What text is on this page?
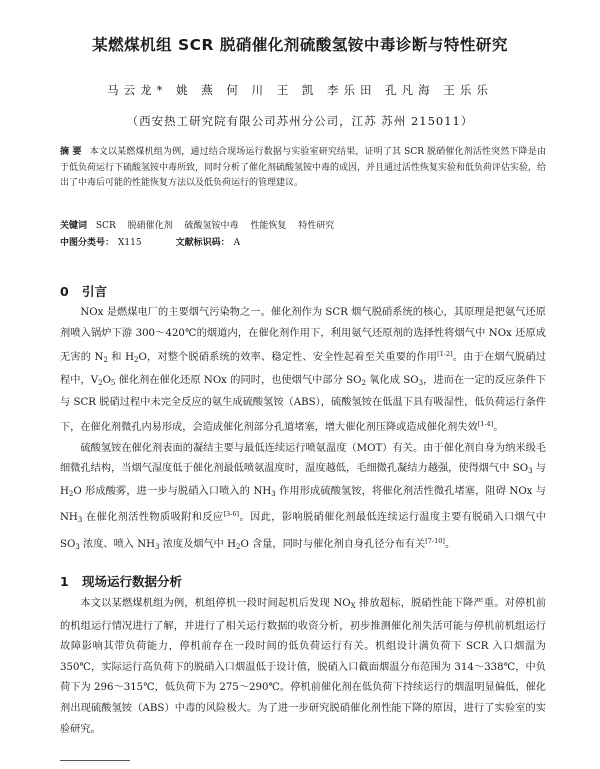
某燃煤机组 SCR 脱硝催化剂硫酸氢铵中毒诊断与特性研究
马云龙* 姚 燕 何 川 王 凯 李乐田 孔凡海 王乐乐
（西安热工研究院有限公司苏州分公司，江苏 苏州 215011）
摘 要 本文以某燃煤机组为例，通过结合现场运行数据与实验室研究结果，证明了其 SCR 脱硝催化剂活性突然下降是由于低负荷运行下硫酸氢铵中毒所致，同时分析了催化剂硫酸氢铵中毒的成因，并且通过活性恢复实验和低负荷评估实验，给出了中毒后可能的性能恢复方法以及低负荷运行的管理建议。
关键词 SCR 脱硝催化剂 硫酸氢铵中毒 性能恢复 特性研究
中图分类号： X115	文献标识码： A
0 引言

NOx 是燃煤电厂的主要烟气污染物之一。催化剂作为 SCR 烟气脱硝系统的核心，其原理是把氨气还原剂喷入锅炉下游 300～420℃的烟道内，在催化剂作用下，利用氨气还原剂的选择性将烟气中 NOx 还原成无害的 $N_2$ 和 $H_2O$，对整个脱硝系统的效率、稳定性、安全性起着至关重要的作用[1-2]。由于在烟气脱硝过程中，$V_2O_5$ 催化剂在催化还原 NOx 的同时，也使烟气中部分 $SO_2$ 氧化成 $SO_3$，进而在一定的反应条件下与 SCR 脱硝过程中未完全反应的氨生成硫酸氢铵（ABS），硫酸氢铵在低温下具有吸湿性，低负荷运行条件下，在催化剂微孔内易形成，会造成催化剂部分孔道堵塞，增大催化剂压降或造成催化剂失效[1-4]。

硫酸氢铵在催化剂表面的凝结主要与最低连续运行喷氨温度（MOT）有关。由于催化剂自身为纳米级毛细微孔结构，当烟气湿度低于催化剂最低喷氨温度时，温度越低，毛细微孔凝结力越强，使得烟气中 $SO_3$ 与 $H_2O$ 形成酸雾，进一步与脱硝入口喷入的 $NH_3$ 作用形成硫酸氢铵，将催化剂活性微孔堵塞，阻碍 NOx 与 $NH_3$ 在催化剂活性物质吸附和反应[3-6]。因此，影响脱硝催化剂最低连续运行温度主要有脱硝入口烟气中 $SO_3$ 浓度、喷入 $NH_3$ 浓度及烟气中 $H_2O$ 含量，同时与催化剂自身孔径分布有关[7-10]。

1 现场运行数据分析

本文以某燃煤机组为例，机组停机一段时间起机后发现 $NO_X$ 排放超标，脱硝性能下降严重。对停机前的机组运行情况进行了解，并进行了相关运行数据的收资分析，初步推测催化剂失活可能与停机前机组运行故障影响其带负荷能力，停机前存在一段时间的低负荷运行有关。机组设计满负荷下 SCR 入口烟温为 350℃，实际运行高负荷下的脱硝入口烟温低于设计值，脱硝入口截面烟温分布范围为 314～338℃，中负荷下为 296～315℃，低负荷下为 275～290℃。停机前催化剂在低负荷下持续运行的烟温明显偏低，催化剂出现硫酸氢铵（ABS）中毒的风险极大。为了进一步研究脱硝催化剂性能下降的原因，进行了实验室的实验研究。
